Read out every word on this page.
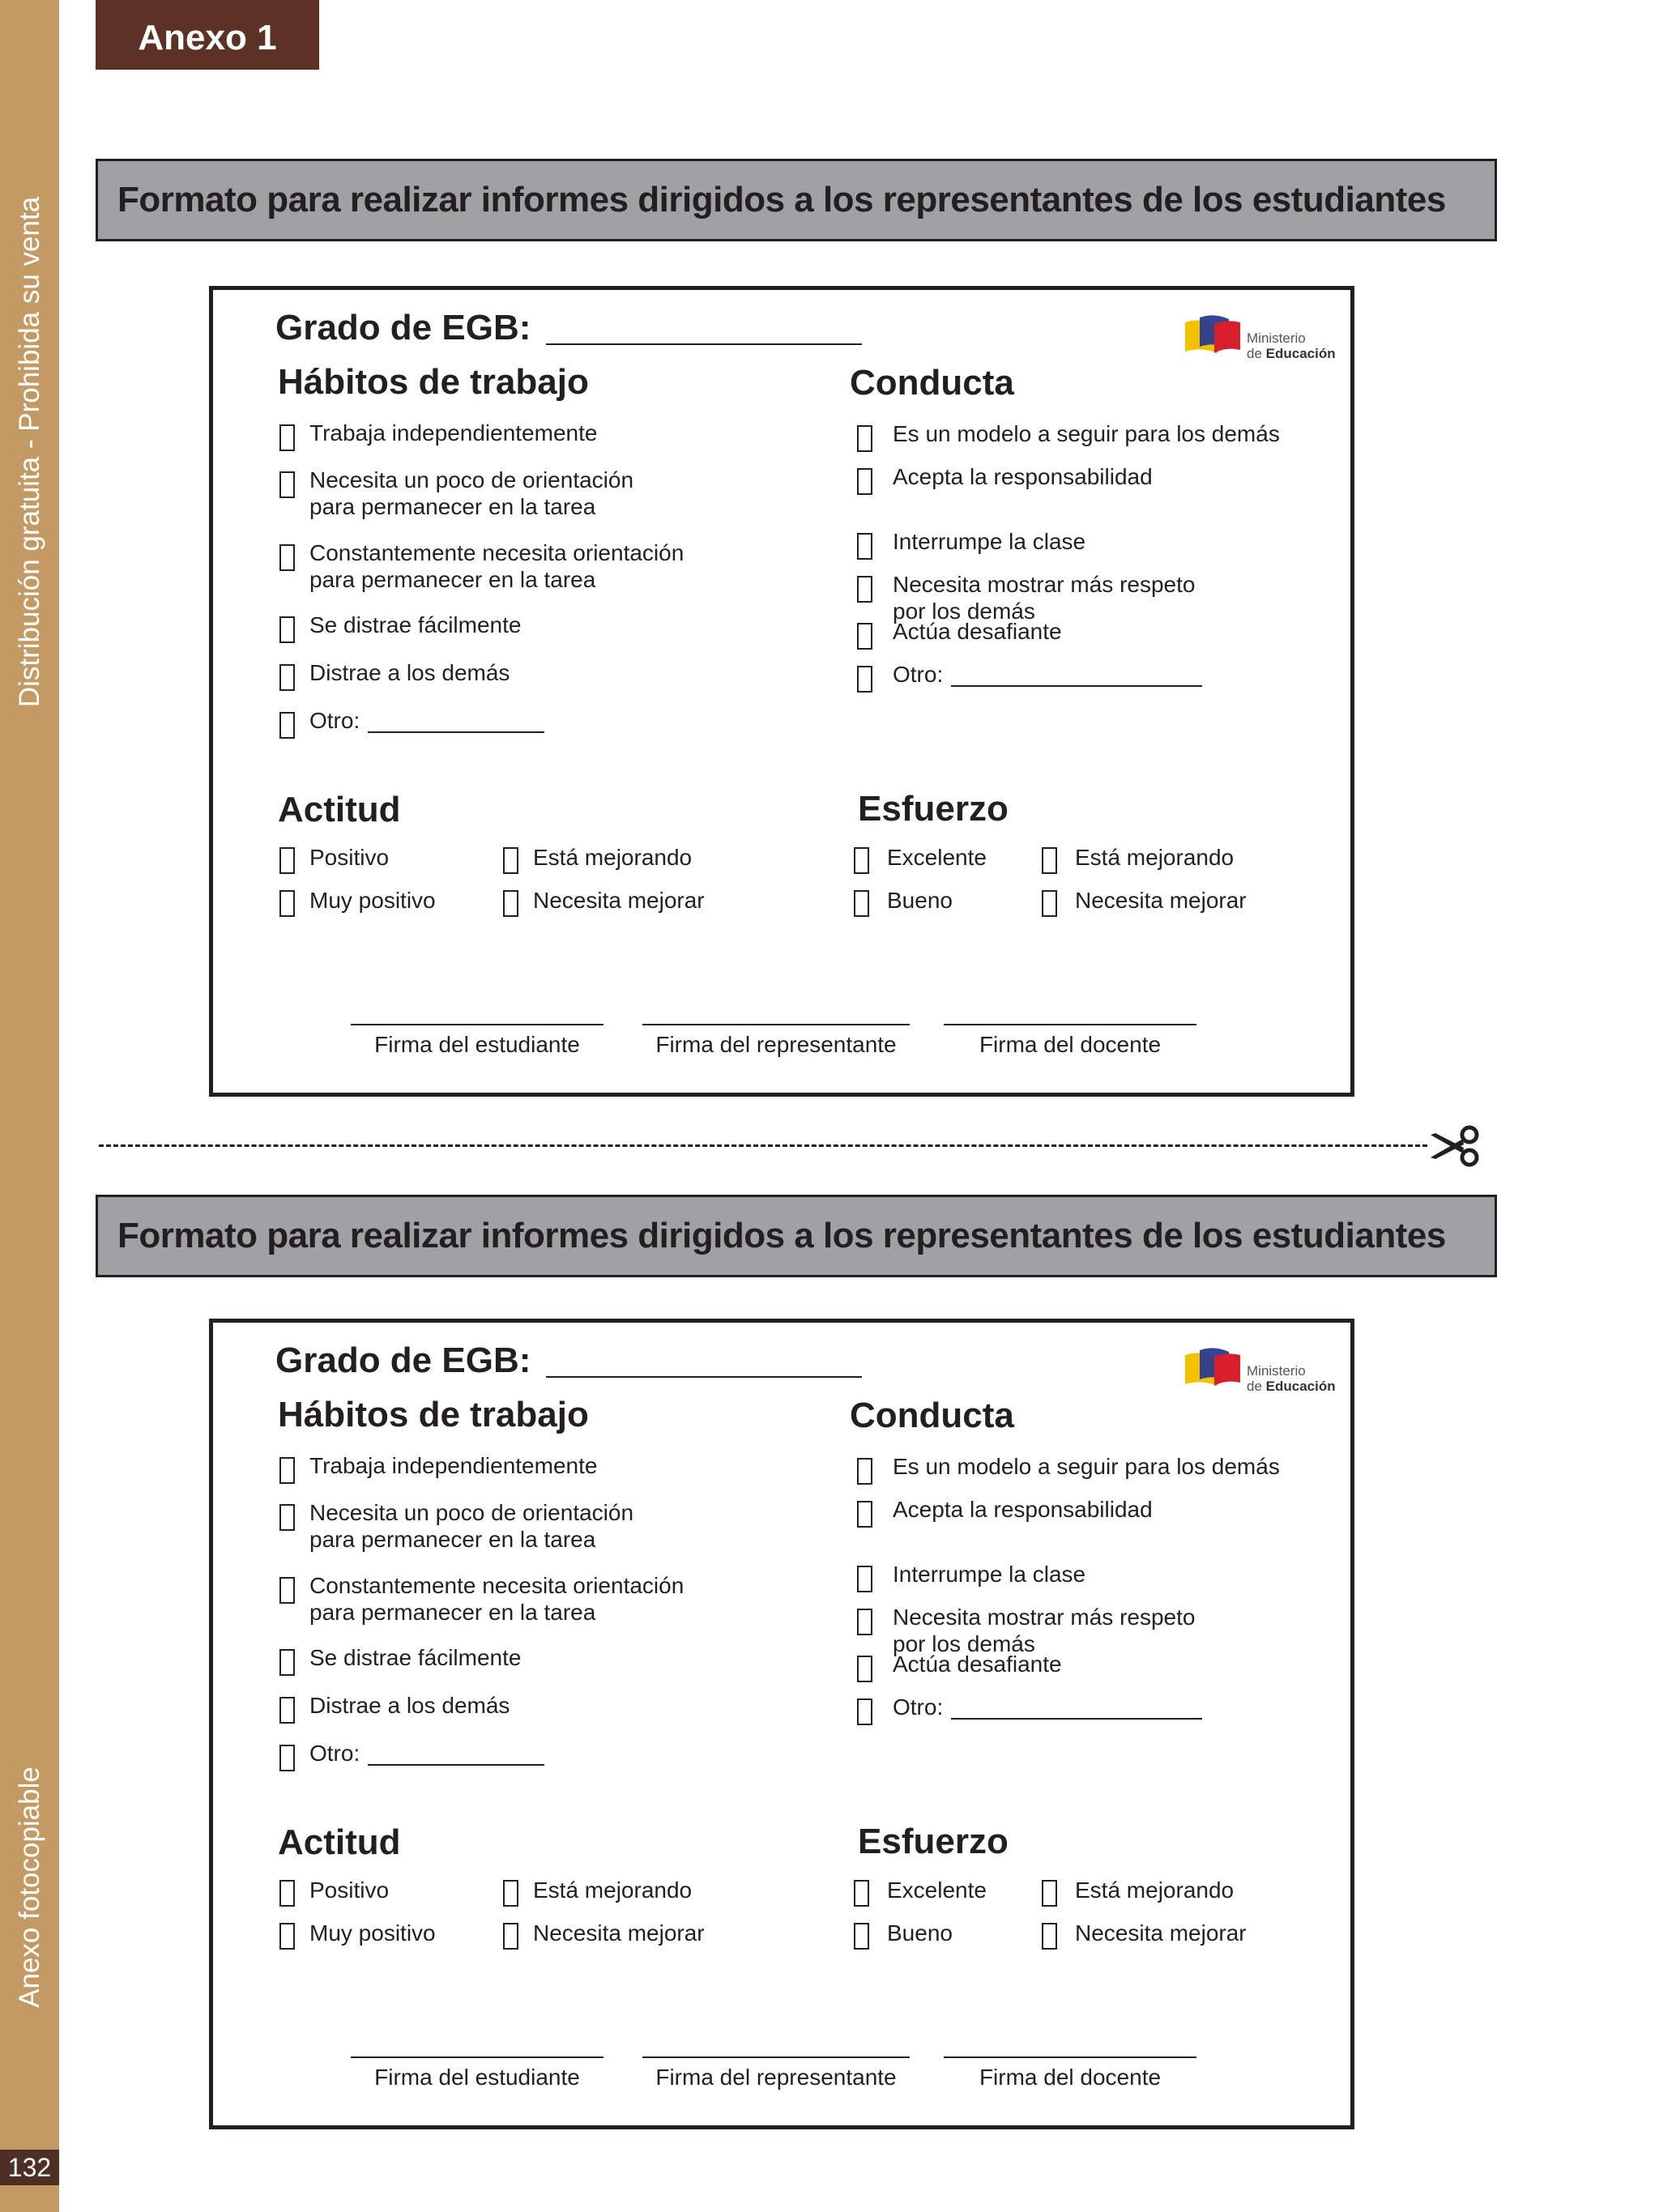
Distribución gratuita - Prohibida su venta
Anexo fotocopiable
132
Anexo 1
Formato para realizar informes dirigidos a los representantes de los estudiantes
Grado de EGB:	Ministerio
de Educación
Hábitos de trabajo	Conducta
Actitud	Esfuerzo
Trabaja independientemente

Necesita un poco de orientación
para permanecer en la tarea
Constantemente necesita orientación
para permanecer en la tarea
Se distrae fácilmente

Distrae a los demás

Otro:

Es un modelo a seguir para los demás

Acepta la responsabilidad

Interrumpe la clase

Necesita mostrar más respeto
por los demás
Actúa desafiante

Otro:

Positivo	Está mejorando
Muy positivo	Necesita mejorar
Excelente	Está mejorando
Bueno	Necesita mejorar
Firma del estudiante	Firma del representante	Firma del docente
Formato para realizar informes dirigidos a los representantes de los estudiantes
Grado de EGB:	Ministerio
de Educación
Hábitos de trabajo	Conducta
Actitud	Esfuerzo
Trabaja independientemente

Necesita un poco de orientación
para permanecer en la tarea
Constantemente necesita orientación
para permanecer en la tarea
Se distrae fácilmente

Distrae a los demás

Otro:

Es un modelo a seguir para los demás

Acepta la responsabilidad

Interrumpe la clase

Necesita mostrar más respeto
por los demás
Actúa desafiante

Otro:

Positivo	Está mejorando
Muy positivo	Necesita mejorar
Excelente	Está mejorando
Bueno	Necesita mejorar
Firma del estudiante	Firma del representante	Firma del docente
